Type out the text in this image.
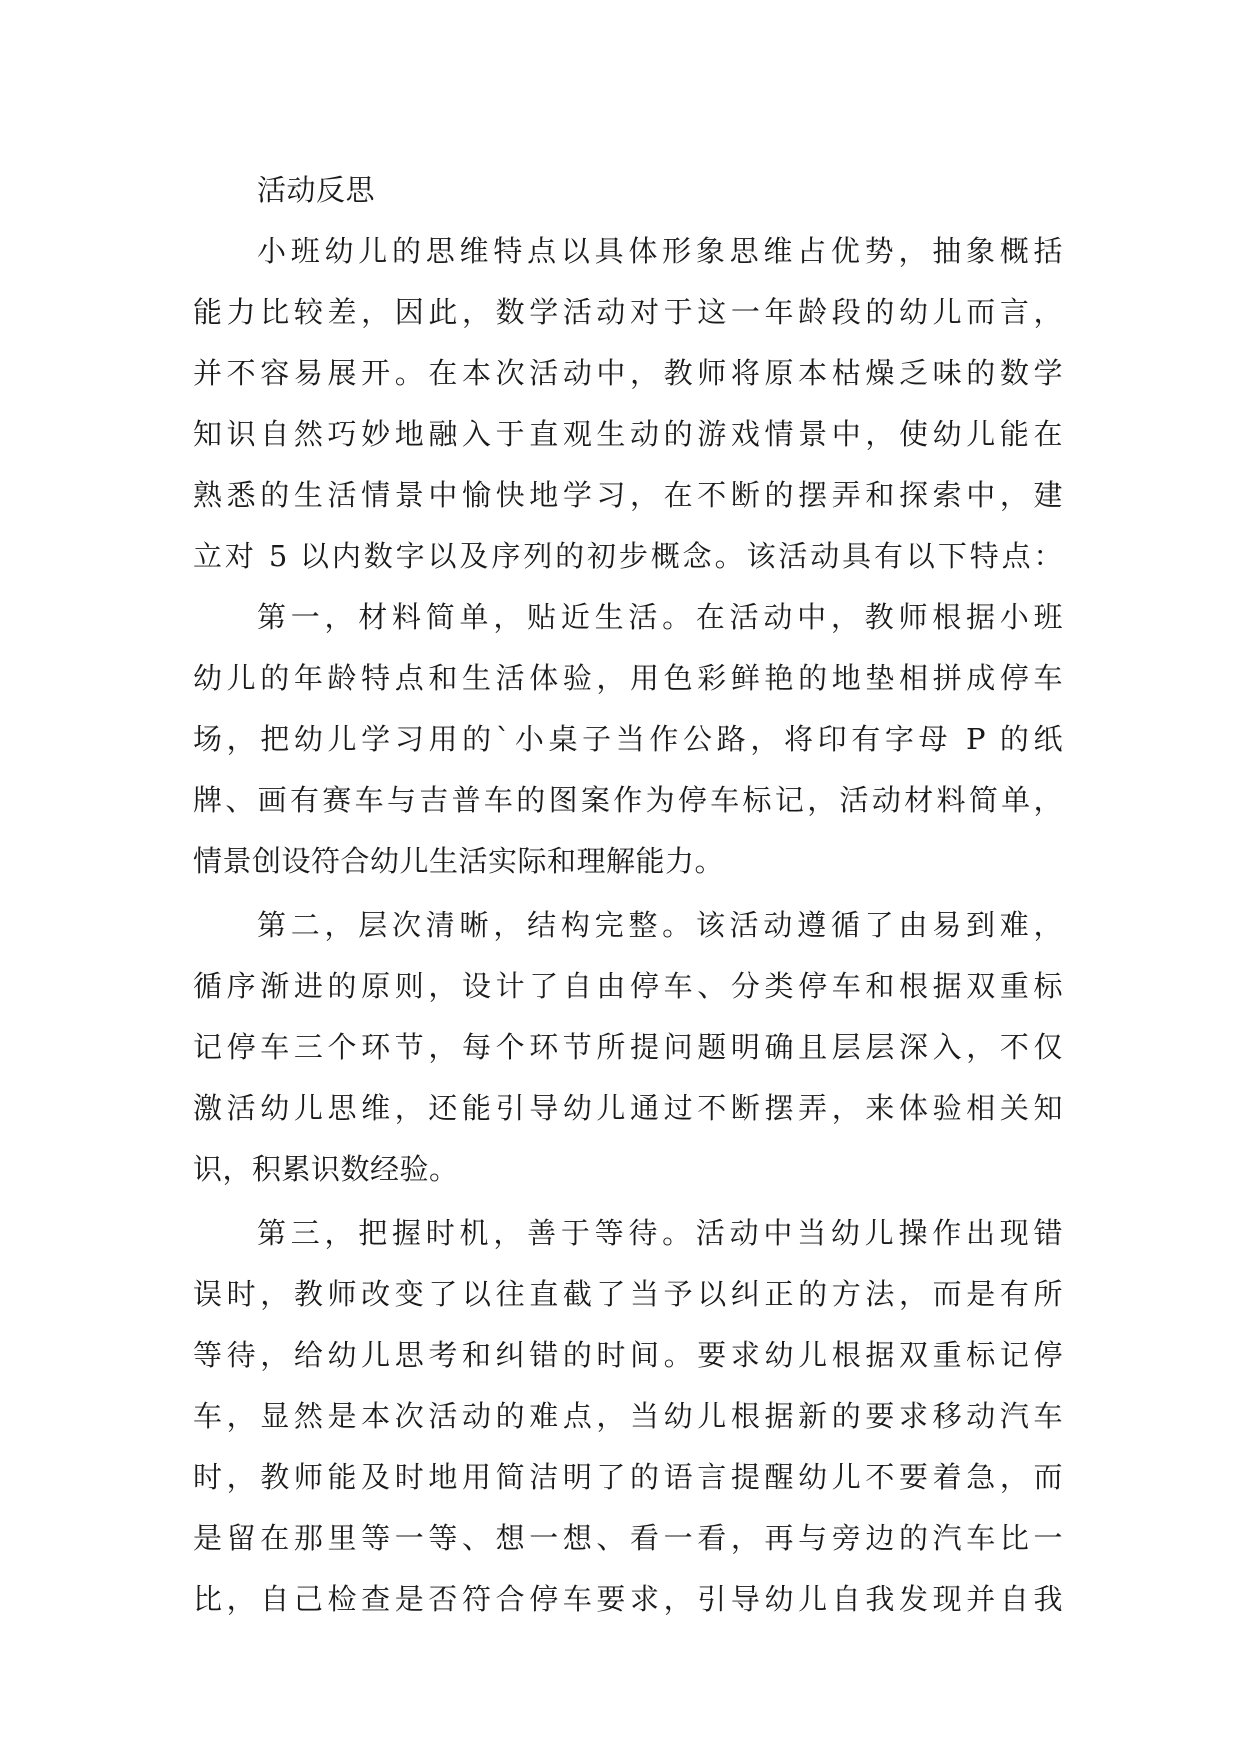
活动反思
小班幼儿的思维特点以具体形象思维占优势，抽象概括
能力比较差，因此，数学活动对于这一年龄段的幼儿而言，
并不容易展开。在本次活动中，教师将原本枯燥乏味的数学
知识自然巧妙地融入于直观生动的游戏情景中，使幼儿能在
熟悉的生活情景中愉快地学习，在不断的摆弄和探索中，建
立对 5 以内数字以及序列的初步概念。该活动具有以下特点：
第一，材料简单，贴近生活。在活动中，教师根据小班
幼儿的年龄特点和生活体验，用色彩鲜艳的地垫相拼成停车
场，把幼儿学习用的`小桌子当作公路，将印有字母 P 的纸
牌、画有赛车与吉普车的图案作为停车标记，活动材料简单，
情景创设符合幼儿生活实际和理解能力。
第二，层次清晰，结构完整。该活动遵循了由易到难，
循序渐进的原则，设计了自由停车、分类停车和根据双重标
记停车三个环节，每个环节所提问题明确且层层深入，不仅
激活幼儿思维，还能引导幼儿通过不断摆弄，来体验相关知
识，积累识数经验。
第三，把握时机，善于等待。活动中当幼儿操作出现错
误时，教师改变了以往直截了当予以纠正的方法，而是有所
等待，给幼儿思考和纠错的时间。要求幼儿根据双重标记停
车，显然是本次活动的难点，当幼儿根据新的要求移动汽车
时，教师能及时地用简洁明了的语言提醒幼儿不要着急，而
是留在那里等一等、想一想、看一看，再与旁边的汽车比一
比，自己检查是否符合停车要求，引导幼儿自我发现并自我
